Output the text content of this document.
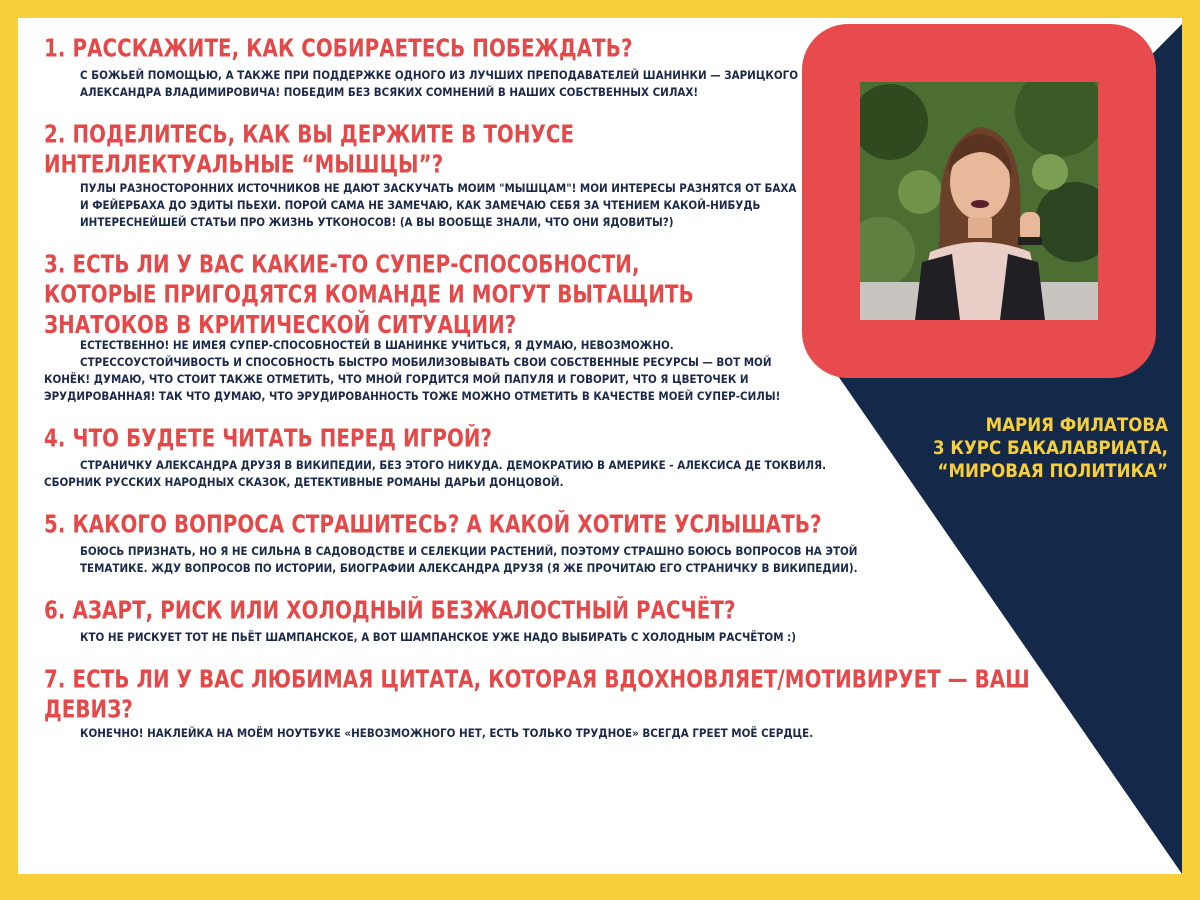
1. РАССКАЖИТЕ, КАК СОБИРАЕТЕСЬ ПОБЕЖДАТЬ?

С БОЖЬЕЙ ПОМОЩЬЮ, А ТАКЖЕ ПРИ ПОДДЕРЖКЕ ОДНОГО ИЗ ЛУЧШИХ ПРЕПОДАВАТЕЛЕЙ ШАНИНКИ — ЗАРИЦКОГО АЛЕКСАНДРА ВЛАДИМИРОВИЧА! ПОБЕДИМ БЕЗ ВСЯКИХ СОМНЕНИЙ В НАШИХ СОБСТВЕННЫХ СИЛАХ!

2. ПОДЕЛИТЕСЬ, КАК ВЫ ДЕРЖИТЕ В ТОНУСЕ ИНТЕЛЛЕКТУАЛЬНЫЕ “МЫШЦЫ”?

ПУЛЫ РАЗНОСТОРОННИХ ИСТОЧНИКОВ НЕ ДАЮТ ЗАСКУЧАТЬ МОИМ "МЫШЦАМ"! МОИ ИНТЕРЕСЫ РАЗНЯТСЯ ОТ БАХА И ФЕЙЕРБАХА ДО ЭДИТЫ ПЬЕХИ. ПОРОЙ САМА НЕ ЗАМЕЧАЮ, КАК ЗАМЕЧАЮ СЕБЯ ЗА ЧТЕНИЕМ КАКОЙ-НИБУДЬ ИНТЕРЕСНЕЙШЕЙ СТАТЬИ ПРО ЖИЗНЬ УТКОНОСОВ! (А ВЫ ВООБЩЕ ЗНАЛИ, ЧТО ОНИ ЯДОВИТЫ?)

3. ЕСТЬ ЛИ У ВАС КАКИЕ-ТО СУПЕР-СПОСОБНОСТИ, КОТОРЫЕ ПРИГОДЯТСЯ КОМАНДЕ И МОГУТ ВЫТАЩИТЬ ЗНАТОКОВ В КРИТИЧЕСКОЙ СИТУАЦИИ?

ЕСТЕСТВЕННО! НЕ ИМЕЯ СУПЕР-СПОСОБНОСТЕЙ В ШАНИНКЕ УЧИТЬСЯ, Я ДУМАЮ, НЕВОЗМОЖНО.

СТРЕССОУСТОЙЧИВОСТЬ И СПОСОБНОСТЬ БЫСТРО МОБИЛИЗОВЫВАТЬ СВОИ СОБСТВЕННЫЕ РЕСУРСЫ — ВОТ МОЙ КОНЁК! ДУМАЮ, ЧТО СТОИТ ТАКЖЕ ОТМЕТИТЬ, ЧТО МНОЙ ГОРДИТСЯ МОЙ ПАПУЛЯ И ГОВОРИТ, ЧТО Я ЦВЕТОЧЕК И ЭРУДИРОВАННАЯ! ТАК ЧТО ДУМАЮ, ЧТО ЭРУДИРОВАННОСТЬ ТОЖЕ МОЖНО ОТМЕТИТЬ В КАЧЕСТВЕ МОЕЙ СУПЕР-СИЛЫ!

4. ЧТО БУДЕТЕ ЧИТАТЬ ПЕРЕД ИГРОЙ?

СТРАНИЧКУ АЛЕКСАНДРА ДРУЗЯ В ВИКИПЕДИИ, БЕЗ ЭТОГО НИКУДА. ДЕМОКРАТИЮ В АМЕРИКЕ - АЛЕКСИСА ДЕ ТОКВИЛЯ. СБОРНИК РУССКИХ НАРОДНЫХ СКАЗОК, ДЕТЕКТИВНЫЕ РОМАНЫ ДАРЬИ ДОНЦОВОЙ.

5. КАКОГО ВОПРОСА СТРАШИТЕСЬ? А КАКОЙ ХОТИТЕ УСЛЫШАТЬ?

БОЮСЬ ПРИЗНАТЬ, НО Я НЕ СИЛЬНА В САДОВОДСТВЕ И СЕЛЕКЦИИ РАСТЕНИЙ, ПОЭТОМУ СТРАШНО БОЮСЬ ВОПРОСОВ НА ЭТОЙ ТЕМАТИКЕ. ЖДУ ВОПРОСОВ ПО ИСТОРИИ, БИОГРАФИИ АЛЕКСАНДРА ДРУЗЯ (Я ЖЕ ПРОЧИТАЮ ЕГО СТРАНИЧКУ В ВИКИПЕДИИ).

6. АЗАРТ, РИСК ИЛИ ХОЛОДНЫЙ БЕЗЖАЛОСТНЫЙ РАСЧЁТ?

КТО НЕ РИСКУЕТ ТОТ НЕ ПЬЁТ ШАМПАНСКОЕ, А ВОТ ШАМПАНСКОЕ УЖЕ НАДО ВЫБИРАТЬ С ХОЛОДНЫМ РАСЧЁТОМ :)

7. ЕСТЬ ЛИ У ВАС ЛЮБИМАЯ ЦИТАТА, КОТОРАЯ ВДОХНОВЛЯЕТ/МОТИВИРУЕТ — ВАШ ДЕВИЗ?

КОНЕЧНО! НАКЛЕЙКА НА МОЁМ НОУТБУКЕ «НЕВОЗМОЖНОГО НЕТ, ЕСТЬ ТОЛЬКО ТРУДНОЕ» ВСЕГДА ГРЕЕТ МОЁ СЕРДЦЕ.

МАРИЯ ФИЛАТОВА
3 КУРС БАКАЛАВРИАТА,
“МИРОВАЯ ПОЛИТИКА”
